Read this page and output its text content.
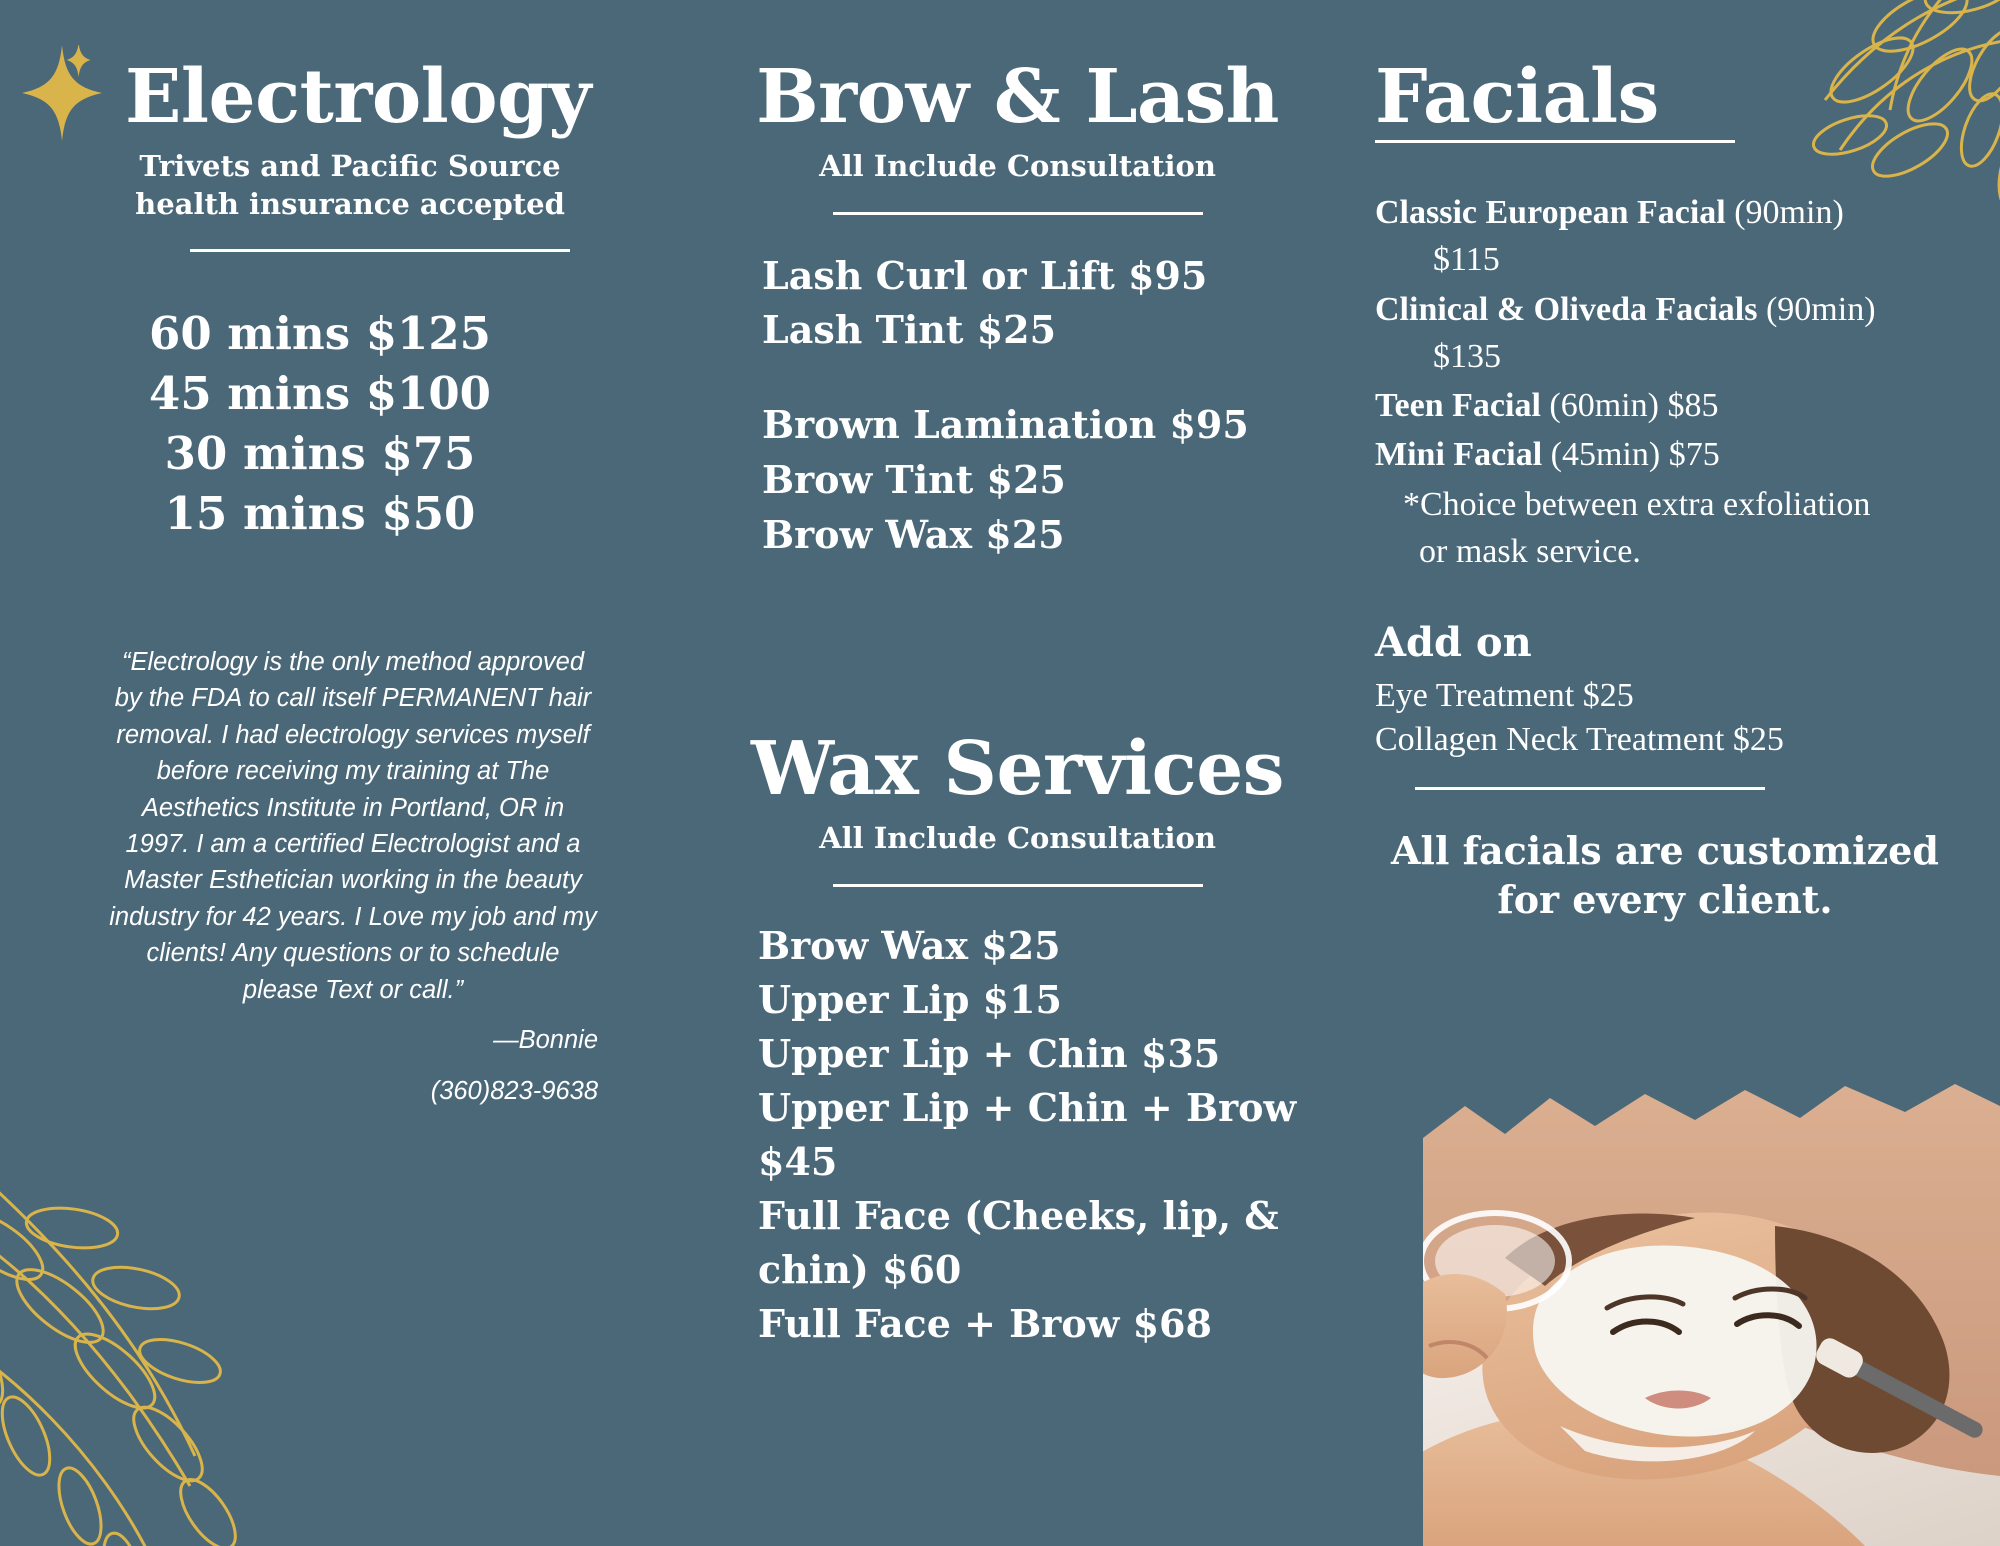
Electrology
Trivets and Pacific Source
health insurance accepted
60 mins $125
45 mins $100
30 mins $75
15 mins $50
“Electrology is the only method approved by the FDA to call itself PERMANENT hair removal. I had electrology services myself before receiving my training at The Aesthetics Institute in Portland, OR in 1997. I am a certified Electrologist and a Master Esthetician working in the beauty industry for 42 years. I Love my job and my clients! Any questions or to schedule please Text or call.”
—Bonnie
(360)823-9638
Brow & Lash
All Include Consultation
Lash Curl or Lift $95
Lash Tint $25
Brown Lamination $95
Brow Tint $25
Brow Wax $25
Wax Services
All Include Consultation
Brow Wax $25
Upper Lip $15
Upper Lip + Chin $35
Upper Lip + Chin + Brow $45
Full Face (Cheeks, lip, & chin) $60
Full Face + Brow $68
Facials
Classic European Facial (90min)
$115
Clinical & Oliveda Facials (90min)
$135
Teen Facial (60min) $85
Mini Facial (45min) $75
*Choice between extra exfoliation
or mask service.
Add on
Eye Treatment $25
Collagen Neck Treatment $25
All facials are customized
for every client.
